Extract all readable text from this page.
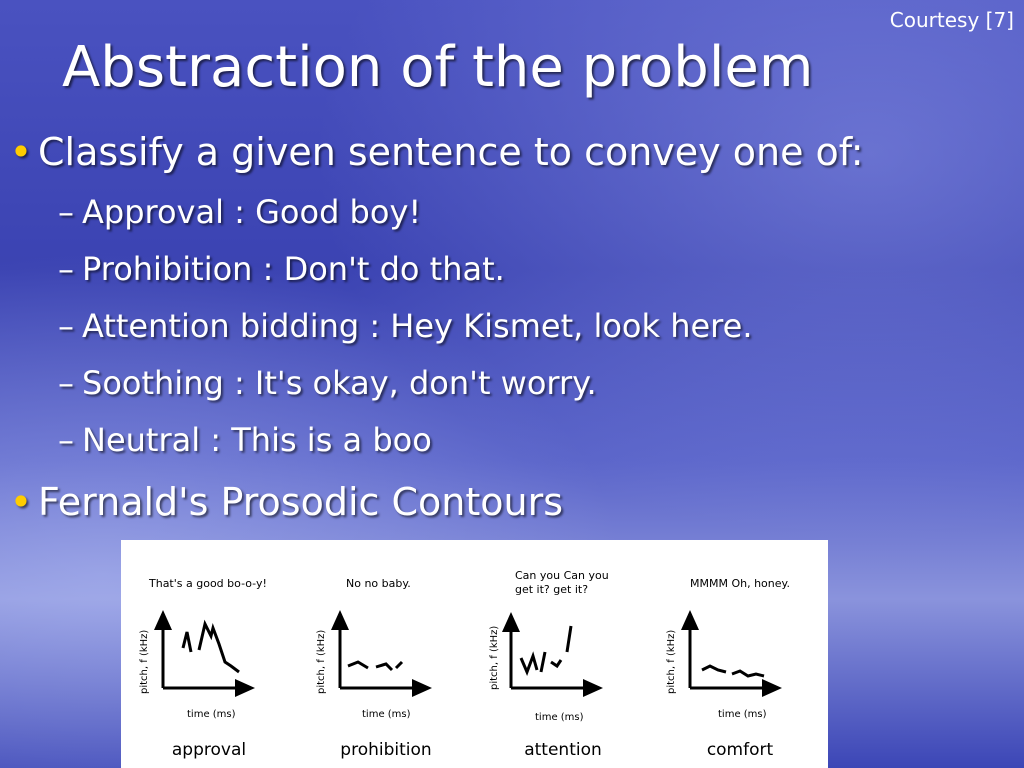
Courtesy [7]
Abstraction of the problem
• Classify a given sentence to convey one of:
– Approval : Good boy!
– Prohibition : Don't do that.
– Attention bidding : Hey Kismet, look here.
– Soothing : It's okay, don't worry.
– Neutral : This is a boo
• Fernald's Prosodic Contours
That's a good bo-o-y!
pitch, f (kHz)
time (ms)
approval
No no baby.
pitch, f (kHz)
time (ms)
prohibition
Can you Can you
get it? get it?
pitch, f (kHz)
time (ms)
attention
MMMM Oh, honey.
pitch, f (kHz)
time (ms)
comfort
